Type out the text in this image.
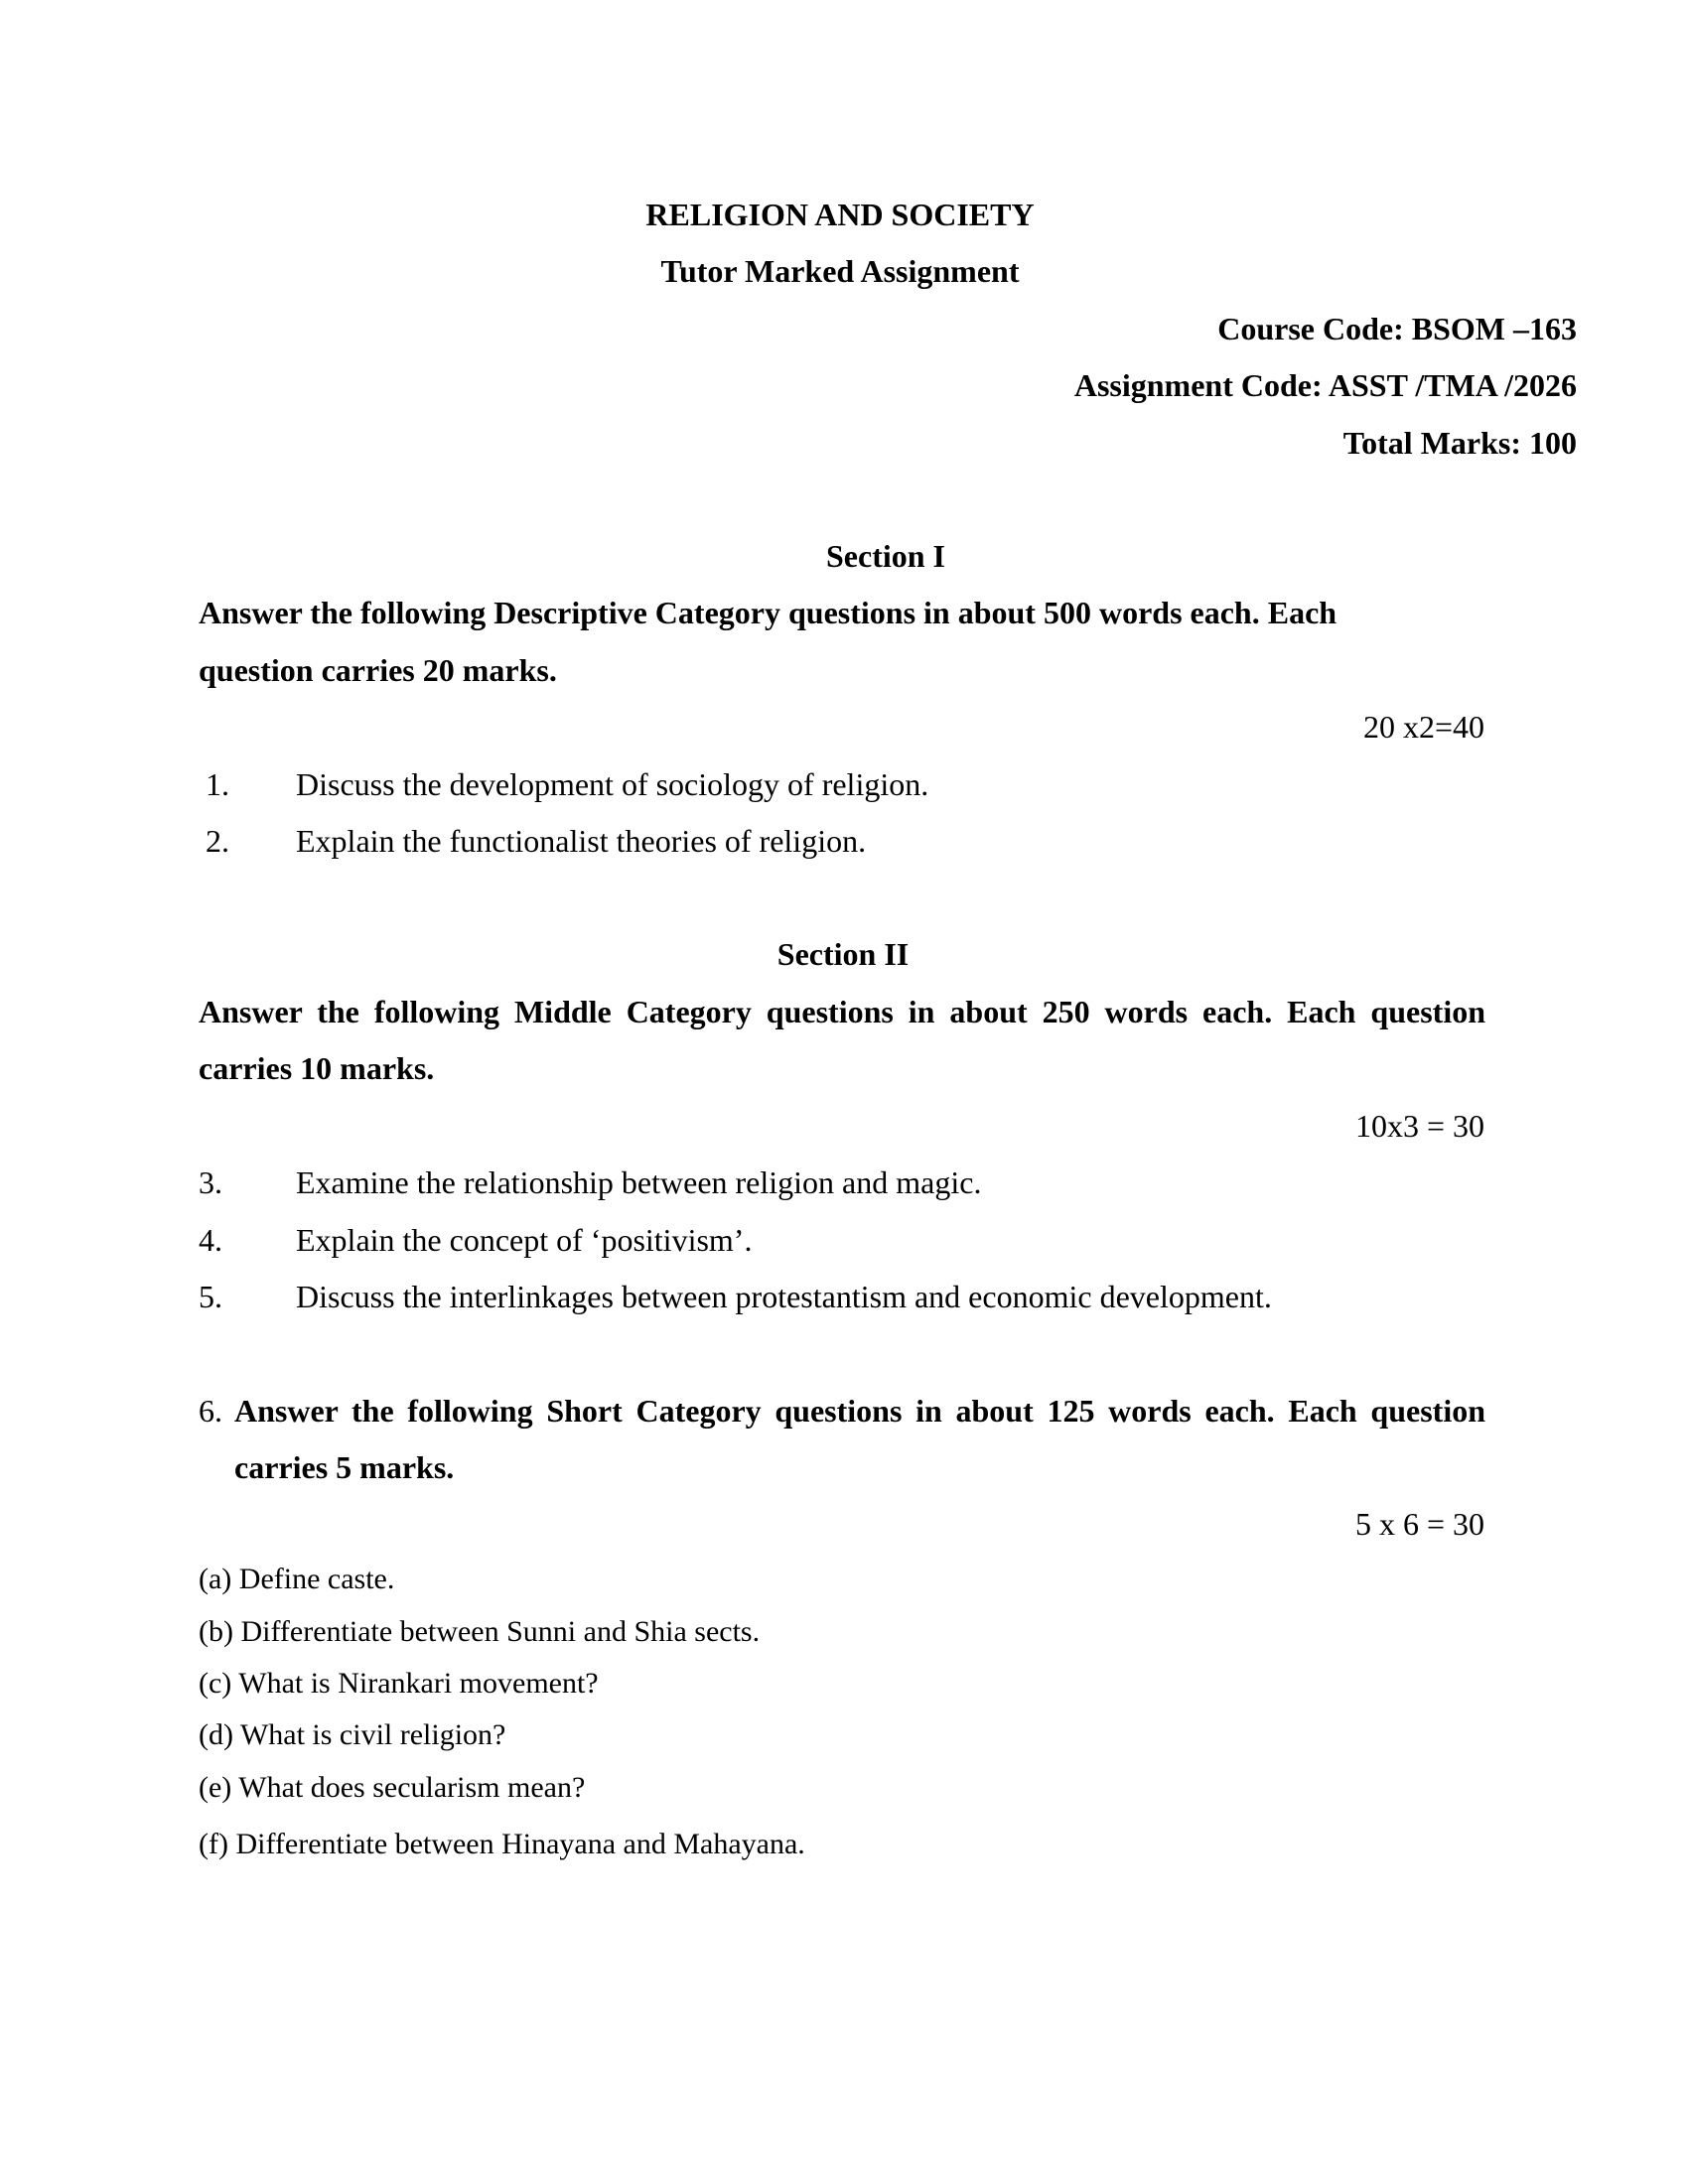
RELIGION AND SOCIETY
Tutor Marked Assignment
Course Code: BSOM –163
Assignment Code: ASST /TMA /2026
Total Marks: 100
Section I
Answer the following Descriptive Category questions in about 500 words each. Each
question carries 20 marks.
20 x2=40
1. Discuss the development of sociology of religion.
2. Explain the functionalist theories of religion.
Section II
Answer the following Middle Category questions in about 250 words each. Each question
carries 10 marks.
10x3 = 30
3. Examine the relationship between religion and magic.
4. Explain the concept of ‘positivism’.
5. Discuss the interlinkages between protestantism and economic development.
6. Answer the following Short Category questions in about 125 words each. Each question
carries 5 marks.
5 x 6 = 30
(a) Define caste.
(b) Differentiate between Sunni and Shia sects.
(c) What is Nirankari movement?
(d) What is civil religion?
(e) What does secularism mean?
(f) Differentiate between Hinayana and Mahayana.
